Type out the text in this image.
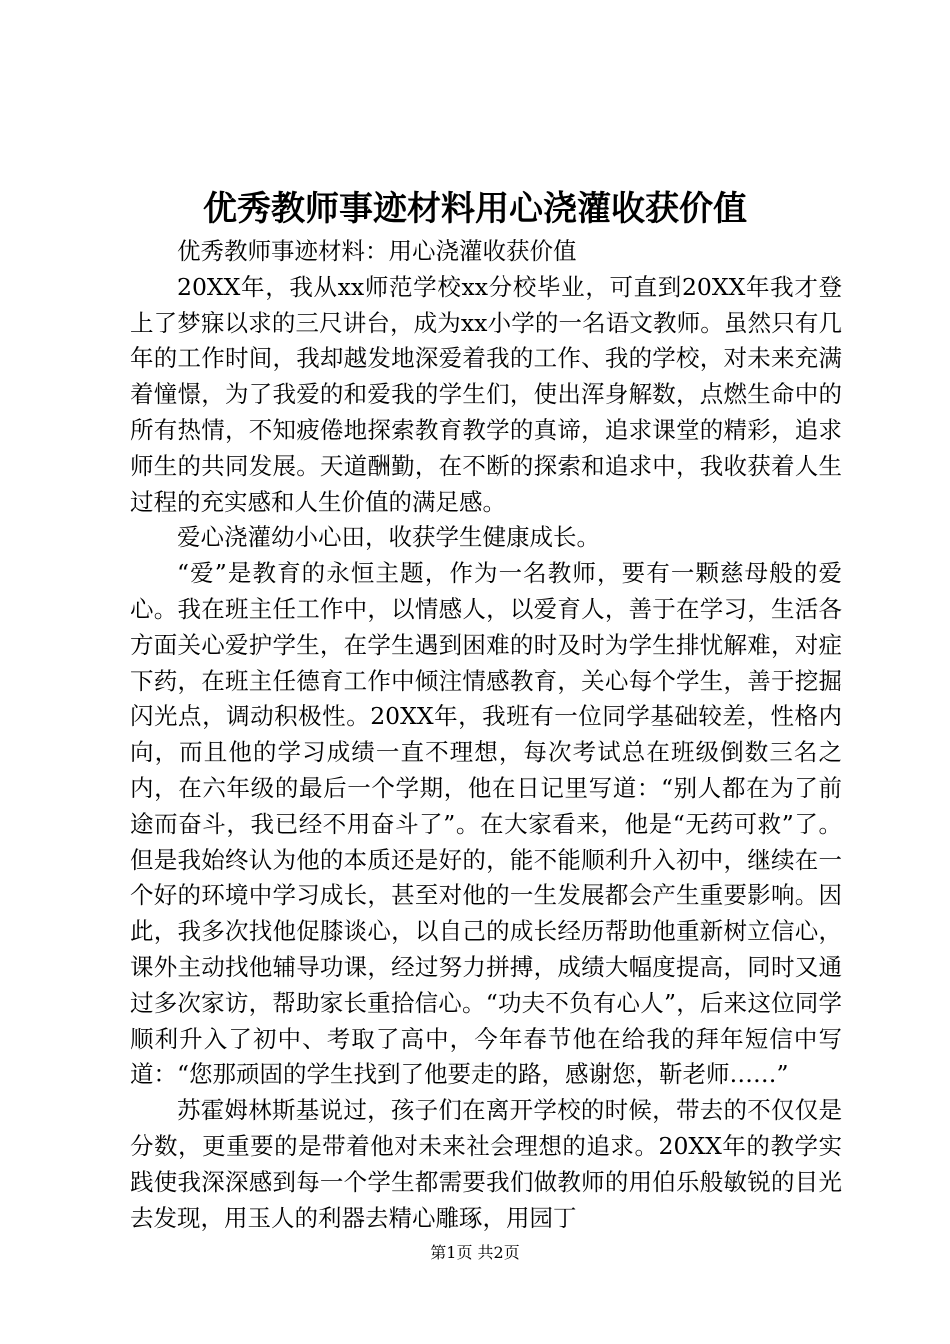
优秀教师事迹材料用心浇灌收获价值

优秀教师事迹材料：用心浇灌收获价值

20XX年，我从xx师范学校xx分校毕业，可直到20XX年我才登上了梦寐以求的三尺讲台，成为xx小学的一名语文教师。虽然只有几年的工作时间，我却越发地深爱着我的工作、我的学校，对未来充满着憧憬，为了我爱的和爱我的学生们，使出浑身解数，点燃生命中的所有热情，不知疲倦地探索教育教学的真谛，追求课堂的精彩，追求师生的共同发展。天道酬勤，在不断的探索和追求中，我收获着人生过程的充实感和人生价值的满足感。

爱心浇灌幼小心田，收获学生健康成长。

“爱”是教育的永恒主题，作为一名教师，要有一颗慈母般的爱心。我在班主任工作中，以情感人，以爱育人，善于在学习，生活各方面关心爱护学生，在学生遇到困难的时及时为学生排忧解难，对症下药，在班主任德育工作中倾注情感教育，关心每个学生，善于挖掘闪光点，调动积极性。20XX年，我班有一位同学基础较差，性格内向，而且他的学习成绩一直不理想，每次考试总在班级倒数三名之内，在六年级的最后一个学期，他在日记里写道：“别人都在为了前途而奋斗，我已经不用奋斗了”。在大家看来，他是“无药可救”了。但是我始终认为他的本质还是好的，能不能顺利升入初中，继续在一个好的环境中学习成长，甚至对他的一生发展都会产生重要影响。因此，我多次找他促膝谈心，以自己的成长经历帮助他重新树立信心，课外主动找他辅导功课，经过努力拼搏，成绩大幅度提高，同时又通过多次家访，帮助家长重拾信心。“功夫不负有心人”，后来这位同学顺利升入了初中、考取了高中，今年春节他在给我的拜年短信中写道：“您那顽固的学生找到了他要走的路，感谢您，靳老师……”

苏霍姆林斯基说过，孩子们在离开学校的时候，带去的不仅仅是分数，更重要的是带着他对未来社会理想的追求。20XX年的教学实践使我深深感到每一个学生都需要我们做教师的用伯乐般敏锐的目光去发现，用玉人的利器去精心雕琢，用园丁

第1页 共2页
